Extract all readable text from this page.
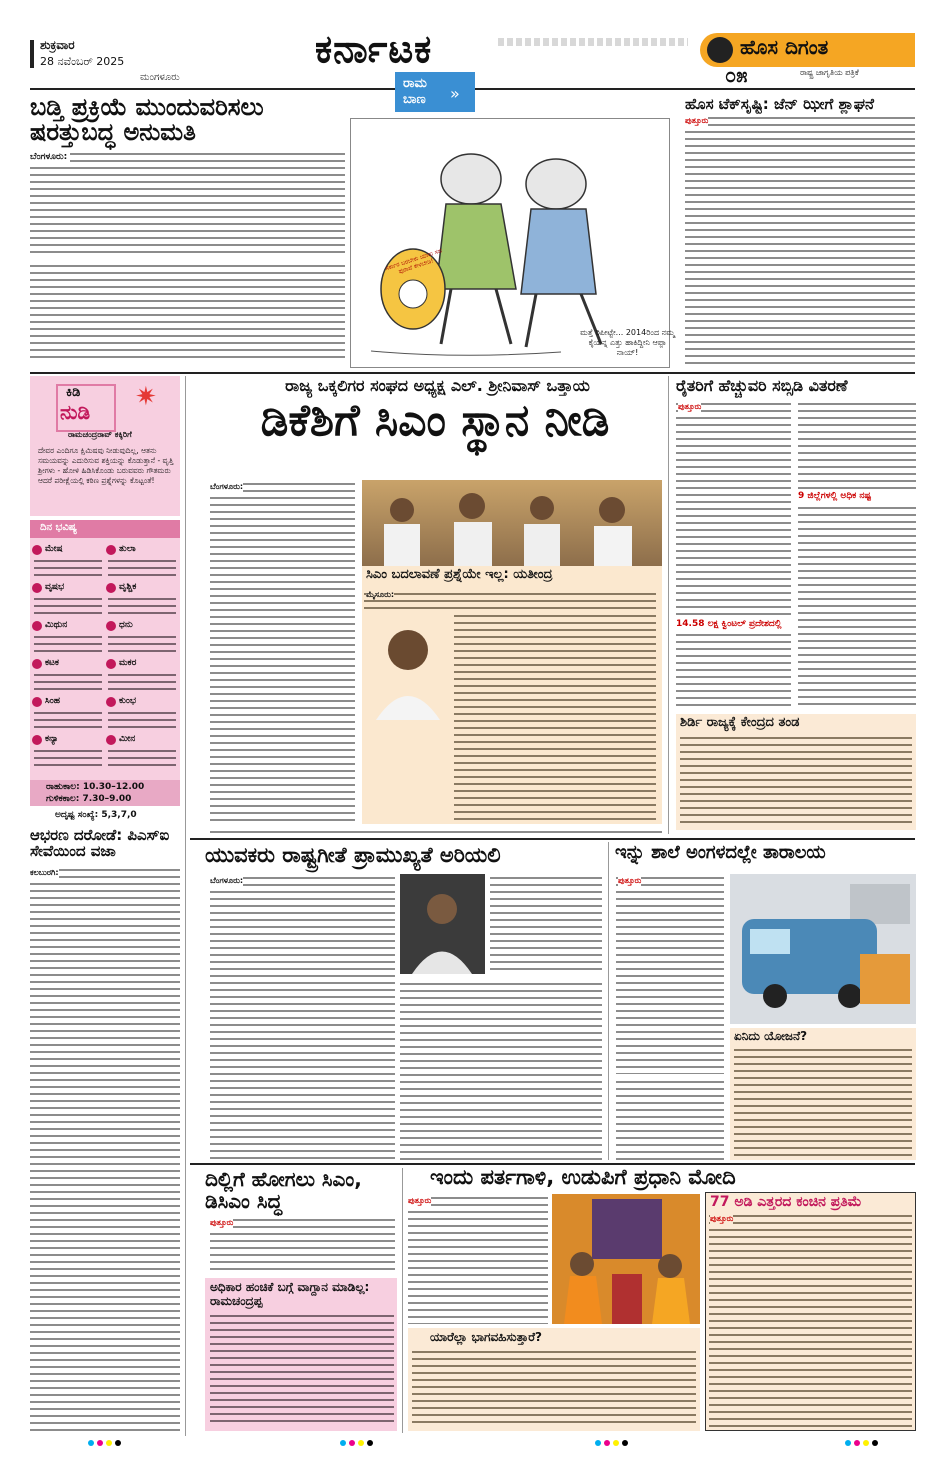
ಶುಕ್ರವಾರ
28 ನವೆಂಬರ್ 2025
ಮಂಗಳೂರು
ಕರ್ನಾಟಕ	ಹೊಸ ದಿಗಂತ
ರಾಷ್ಟ್ರ ಜಾಗೃತಿಯ ಪತ್ರಿಕೆ
೦೫
ಬಡ್ತಿ ಪ್ರಕ್ರಿಯೆ ಮುಂದುವರಿಸಲು ಷರತ್ತುಬದ್ಧ ಅನುಮತಿ
ಬೆಂಗಳೂರು:
ರಾಮ ಬಾಣ	»
ಸರ್ಕಾರ ಬರಬೇಕು ಯಾರು ಸಹ ಪುರಾವೆ ಕೇಳಬೇಡಿ!
ಮತ್ತೆ ರಿಪೀಟ್ಟೇ... 2014ರಿಂದ ನಮ್ಮ ಕೈಯನ್ನ ಎತ್ತು ಹಾಕಿದ್ದೀನಿ ಆಪ್ಪಾ ನಾಯ್!
ಹೊಸ ಟೆಕ್‌ಸೃಷ್ಟಿ: ಜೆನ್ ಝೀಗೆ ಶ್ಲಾಘನೆ
ಪುತ್ತೂರು
ಕಿಡಿ
ನುಡಿ ✷
ರಾಮಚಂದ್ರರಾವ್ ಕಕ್ಕಿರಿಗೆ
ದೇವರ ಎಂದಿಗೂ ಕ್ಷಿಮಿಷವು ನೀಡುವುದಿಲ್ಲ, ಆತನು ಸಮಯವನ್ನು ಎದುರಿಸುವ ಶಕ್ತಿಯನ್ನು ಕೊಡುತ್ತಾನೆ - ವೃತ್ತಿ ಶ್ರೀಗಳು - ಹೋಳಿ ಹಿಡಿಸಿಕೊಂಡು ಬರುವವರು ಗೌತಮರು ಆದರೆ ಪರೀಕ್ಷೆಯಲ್ಲಿ ಕಠಿಣ ಪ್ರಶ್ನೆಗಳನ್ನು ಕೊಟ್ಟಂತೆ!
ದಿನ ಭವಿಷ್ಯ
ಮೇಷ
ವೃಷಭ
ಮಿಥುನ
ಕಟಕ
ಸಿಂಹ
ಕನ್ಯಾ
ತುಲಾ
ವೃಶ್ಚಿಕ
ಧನು
ಮಕರ
ಕುಂಭ
ಮೀನ
ರಾಹುಕಾಲ: 10.30–12.00
ಗುಳಿಕಕಾಲ: 7.30–9.00
ಅದೃಷ್ಟ ಸಂಖ್ಯೆ: 5,3,7,0
ಆಭರಣ ದರೋಡೆ: ಪಿಎಸ್ಐ ಸೇವೆಯಿಂದ ವಜಾ
ಕಲಬುರಗಿ:
ರಾಜ್ಯ ಒಕ್ಕಲಿಗರ ಸಂಘದ ಅಧ್ಯಕ್ಷ ಎಲ್. ಶ್ರೀನಿವಾಸ್ ಒತ್ತಾಯ
ಡಿಕೆಶಿಗೆ ಸಿಎಂ ಸ್ಥಾನ ನೀಡಿ
ಬೆಂಗಳೂರು:
ಸಿಎಂ ಬದಲಾವಣೆ ಪ್ರಶ್ನೆಯೇ ಇಲ್ಲ: ಯತೀಂದ್ರ
ಮೈಸೂರು:
ರೈತರಿಗೆ ಹೆಚ್ಚುವರಿ ಸಬ್ಸಿಡಿ ವಿತರಣೆ
ಪುತ್ತೂರು
9 ಜಿಲ್ಲೆಗಳಲ್ಲಿ ಅಧಿಕ ನಷ್ಟ
14.58 ಲಕ್ಷ ಕ್ವಿಂಟಲ್ ಪ್ರದೇಶದಲ್ಲಿ
ಶಿರ್ಡಿ ರಾಜ್ಯಕ್ಕೆ ಕೇಂದ್ರದ ತಂಡ
ಯುವಕರು ರಾಷ್ಟ್ರಗೀತೆ ಪ್ರಾಮುಖ್ಯತೆ ಅರಿಯಲಿ
ಬೆಂಗಳೂರು:
ಇನ್ನು ಶಾಲೆ ಅಂಗಳದಲ್ಲೇ ತಾರಾಲಯ
ಪುತ್ತೂರು
ಏನಿದು ಯೋಜನೆ?
ದಿಲ್ಲಿಗೆ ಹೋಗಲು ಸಿಎಂ, ಡಿಸಿಎಂ ಸಿದ್ಧ
ಪುತ್ತೂರು
ಅಧಿಕಾರ ಹಂಚಿಕೆ ಬಗ್ಗೆ ವಾಗ್ದಾನ ಮಾಡಿಲ್ಲ: ರಾಮಚಂದ್ರಪ್ಪ
ಇಂದು ಪರ್ತಗಾಳಿ, ಉಡುಪಿಗೆ ಪ್ರಧಾನಿ ಮೋದಿ
ಪುತ್ತೂರು
ಯಾರೆಲ್ಲಾ ಭಾಗವಹಿಸುತ್ತಾರೆ?
77 ಅಡಿ ಎತ್ತರದ ಕಂಚಿನ ಪ್ರತಿಮೆ
ಪುತ್ತೂರು
